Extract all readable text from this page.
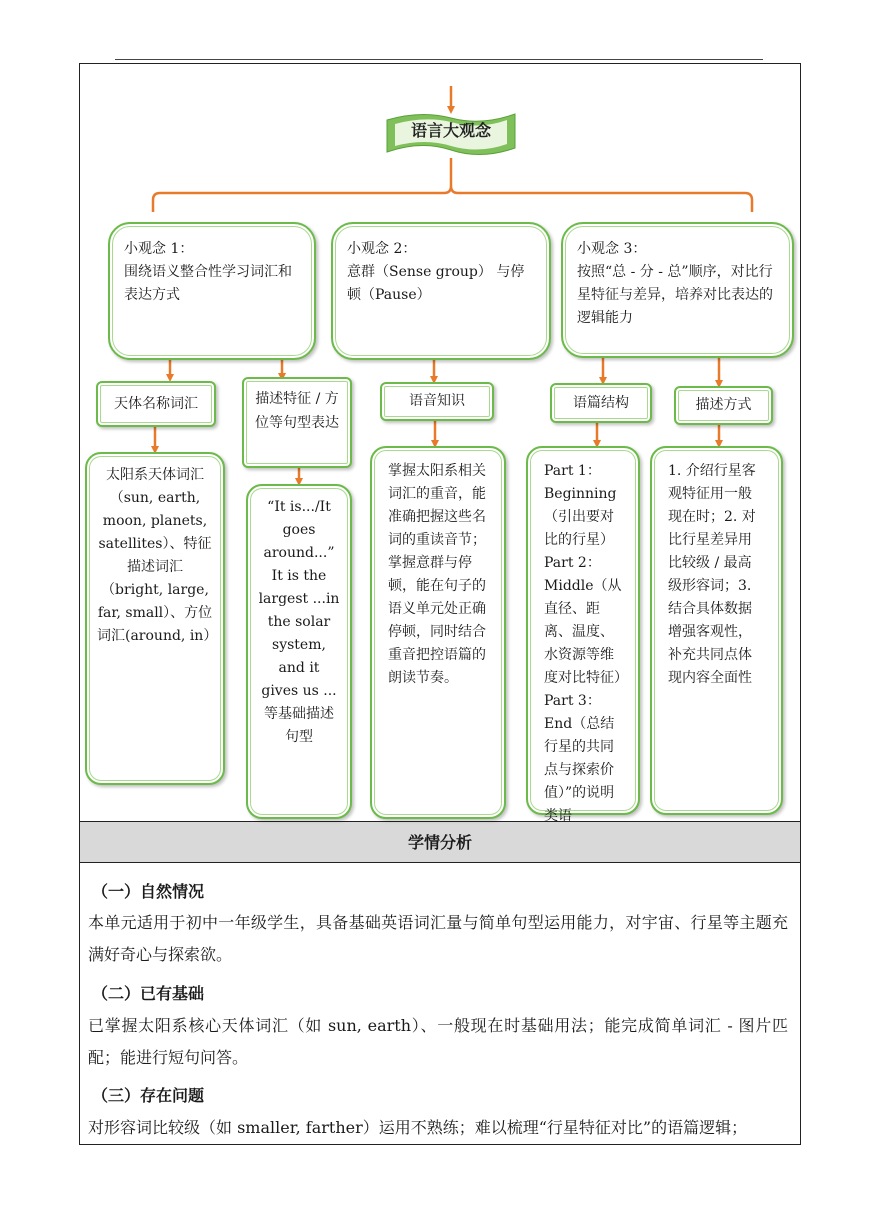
学情分析
语言大观念
小观念 1：
围绕语义整合性学习词汇和表达方式
小观念 2：
意群（Sense group） 与停顿（Pause）
小观念 3：
按照“总 - 分 - 总”顺序，对比行星特征与差异，培养对比表达的逻辑能力
天体名称词汇	描述特征 / 方位等句型表达
语音知识	语篇结构	描述方式
太阳系天体词汇（sun, earth, moon, planets, satellites）、特征描述词汇（bright, large, far, small）、方位词汇(around, in）
“It is.../It goes around...” It is the largest ...in the solar system, and it gives us ...等基础描述句型
掌握太阳系相关词汇的重音，能准确把握这些名词的重读音节；掌握意群与停顿，能在句子的语义单元处正确停顿，同时结合重音把控语篇的朗读节奏。
Part 1：Beginning（引出要对比的行星）Part 2：Middle（从直径、距离、温度、水资源等维度对比特征）Part 3：End（总结行星的共同点与探索价值）”的说明类语
1. 介绍行星客观特征用一般现在时；2. 对比行星差异用比较级 / 最高级形容词；3. 结合具体数据增强客观性，补充共同点体现内容全面性
（一）自然情况
本单元适用于初中一年级学生，具备基础英语词汇量与简单句型运用能力，对宇宙、行星等主题充满好奇心与探索欲。
（二）已有基础
已掌握太阳系核心天体词汇（如 sun, earth）、一般现在时基础用法；能完成简单词汇 - 图片匹配；能进行短句问答。
（三）存在问题
对形容词比较级（如 smaller, farther）运用不熟练；难以梳理“行星特征对比”的语篇逻辑；
